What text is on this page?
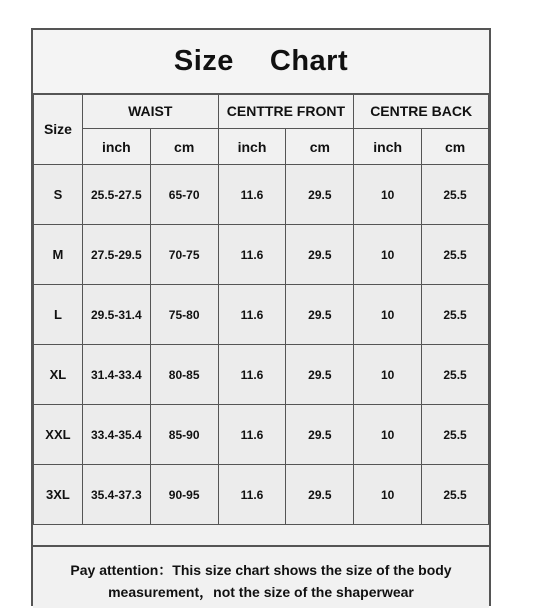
Size Chart
Size	WAIST		CENTTRE FRONT		CENTRE BACK	
	inch	cm	inch	cm	inch	cm
S	25.5-27.5	65-70	11.6	29.5	10	25.5
M	27.5-29.5	70-75	11.6	29.5	10	25.5
L	29.5-31.4	75-80	11.6	29.5	10	25.5
XL	31.4-33.4	80-85	11.6	29.5	10	25.5
XXL	33.4-35.4	85-90	11.6	29.5	10	25.5
3XL	35.4-37.3	90-95	11.6	29.5	10	25.5
Pay attention：This size chart shows the size of the body
measurement，not the size of the shaperwear
